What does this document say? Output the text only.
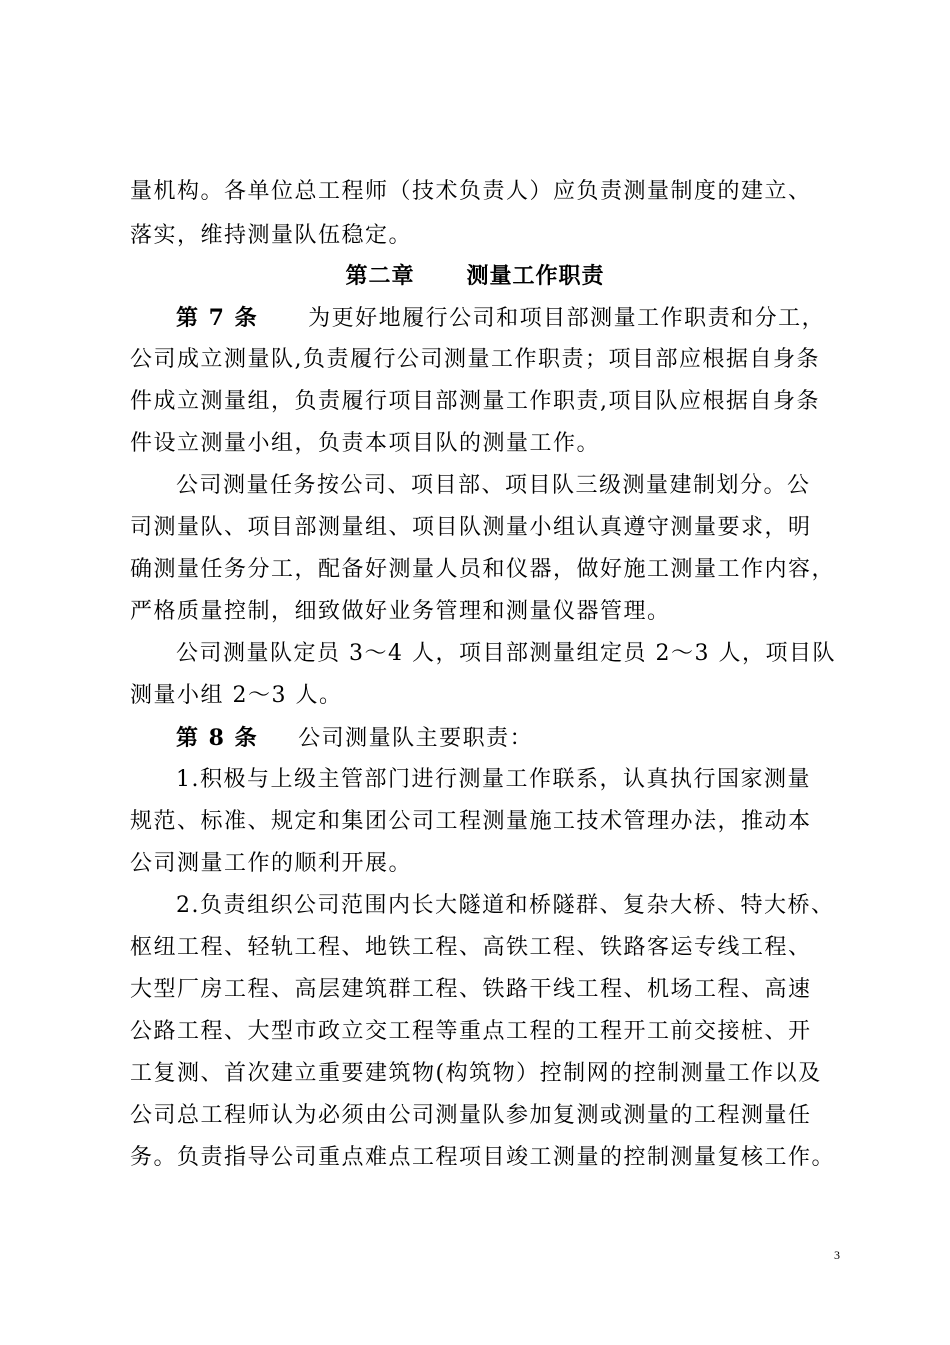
量机构。各单位总工程师（技术负责人）应负责测量制度的建立、
落实，维持测量队伍稳定。
第二章      测量工作职责
第 7 条 为更好地履行公司和项目部测量工作职责和分工，
公司成立测量队,负责履行公司测量工作职责；项目部应根据自身条
件成立测量组，负责履行项目部测量工作职责,项目队应根据自身条
件设立测量小组，负责本项目队的测量工作。
公司测量任务按公司、项目部、项目队三级测量建制划分。公
司测量队、项目部测量组、项目队测量小组认真遵守测量要求，明
确测量任务分工，配备好测量人员和仪器，做好施工测量工作内容，
严格质量控制，细致做好业务管理和测量仪器管理。
公司测量队定员 3～4 人，项目部测量组定员 2～3 人，项目队
测量小组 2～3 人。
第 8 条 公司测量队主要职责：
1.积极与上级主管部门进行测量工作联系，认真执行国家测量
规范、标准、规定和集团公司工程测量施工技术管理办法，推动本
公司测量工作的顺利开展。
2.负责组织公司范围内长大隧道和桥隧群、复杂大桥、特大桥、
枢纽工程、轻轨工程、地铁工程、高铁工程、铁路客运专线工程、
大型厂房工程、高层建筑群工程、铁路干线工程、机场工程、高速
公路工程、大型市政立交工程等重点工程的工程开工前交接桩、开
工复测、首次建立重要建筑物(构筑物）控制网的控制测量工作以及
公司总工程师认为必须由公司测量队参加复测或测量的工程测量任
务。负责指导公司重点难点工程项目竣工测量的控制测量复核工作。
3
